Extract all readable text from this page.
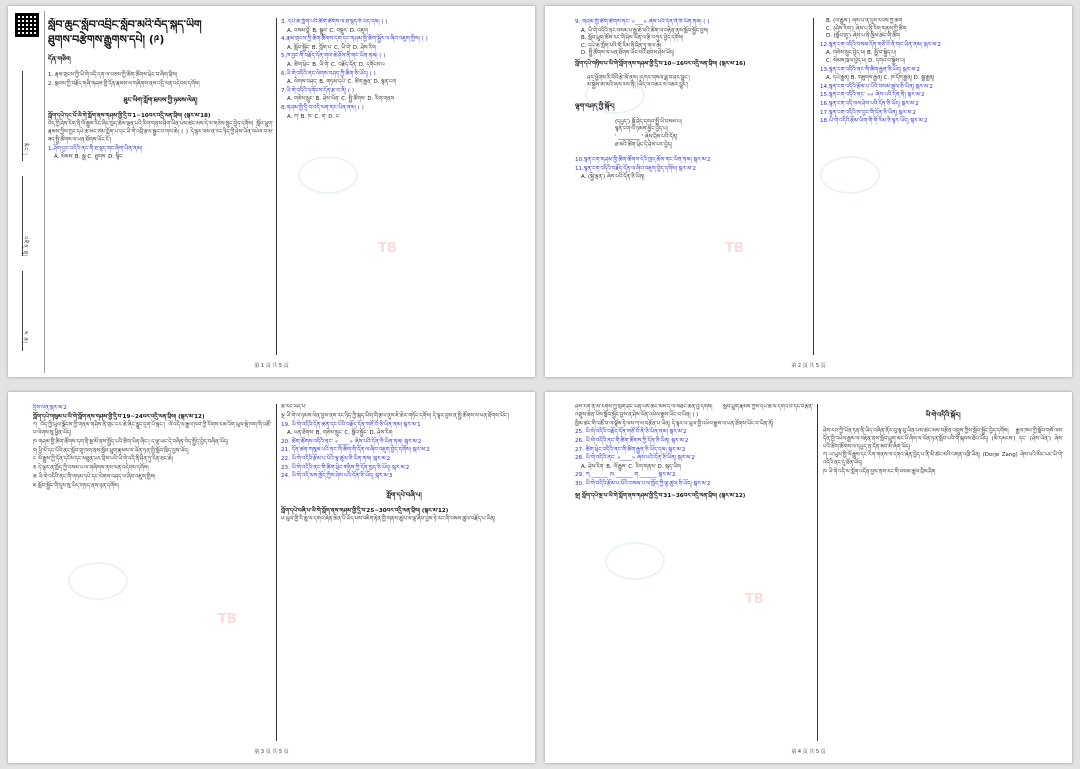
མིང་།
འཛིན་གྲྭ།
ས་ཆ།
སློབ་ཆུང་སློབ་འབྲིང་སློབ་མའི་བོད་སྐད་ཡིག
ཐུགས་བརྩེགས་རྒྱུགས་དཔེ། (༩)
དོན་གཅིག
1. རྣམ་གྲངས་ཀྱི་ཡི་གེ་འདི་དག་ལ་བཅས་ཀྱི་ཚིག་ཚོགས་ཕྲེང་བ་ཞིག་བྲིས།
2. སྐབས་ཀྱི་བརྗོད་གཞི་གཤམ་གྱི་དོན་རྣམས་ལ་གཞིགས་ནས་འདྲི་ལན་འདེབས་དགོས།
ཐུང་ཡིག་ཀློག་ཐབས་ཀྱི་ཉམས་ལེན།
ཀློག་དཔེ་དང་པོ་ཡི་གེ་ཀློག་ནས་གཤམ་གྱི་དྲི་བ་1~10བར་འདྲི་ལན་བྲིས། (སྐར་མ་18)
བོད་ཀྱི་ཤེས་རིག་ནི་ལོ་རྒྱུས་རིང་ཞིང་ཁྱད་ཆོས་ལྡན་པའི་རིག་གནས་ཤིག་ཡིན་པས་ཚང་མས་དེ་ལ་གཅེས་སྲུང་བྱེད་དགོས། སློབ་ཕྲུག་རྣམས་ཀྱིས་ཀྱང་དཔེ་ཆ་མང་ཙམ་ཀློག་པ་དང་ཡི་གེ་འབྲི་རྩལ་སྦྱང་བ་གལ་ཆེ། ( ) དེ་ལྟར་ལས་ན་རང་ཉིད་ཀྱི་ཤེས་ཡོན་འཕེལ་བ་མ་ཟད་སྤྱི་ཚོགས་ལ་ཕན་ཐོགས་ཡོང་ངོ་།
1.ཤོག་བྱང་འདིའི་ནང་གི་ཐ་སྙད་གང་ཞིག་ཡིན་ནམ།
A. སེམས་ B. སྒྲ C. ཐུགས་ D. སྙིང་
3. དཔེ་ཆ་ཀློག་པའི་ཚིག་ཚོགས་ལ་ཐ་སྙད་ཅི་ཡོད་དམ། ( )
A. བསམ་བློ་ B. སྒྲུབ་ C. བསྡུར་ D. འཇུག
4.རྣམ་གྲངས་ཀྱི་ཚིག་ཚོགས་དག་དང་གཤམ་གྱི་ཚིག་སྦྱོར་ལ་ཞིབ་འཇུག་གྱིས། ( )
A. སློབ་སྦྱོང་ B. ཀློག་པ་ C. ཡི་གེ་ D. ཤེས་རིག
5.ཁ་བྱང་གི་བརྗོད་དོན་གལ་ཆེ་ཤོས་ནི་གང་ཡིན་ནམ། ( )
A. ཚིག་ཕྲེང་ B. ཡི་གེ་ C. བརྗོད་དོན་ D. དགོངས་པ
6.ཡི་གེ་འདིའི་ནང་ལེགས་བཤད་ཀྱི་ཚིག་ཅི་ཡོད། ( )
A. ལེགས་བཤད་ B. གཏམ་དཔེ་ C. ཚིག་རྒྱན་ D. སྙན་ངག
7.ཡི་གེ་འདིའི་དགོངས་དོན་རྩ་བ་ནི། ( )
A. གཅེས་སྲུང་ B. ཤེས་ཡོན་ C. སྤྱི་ཚོགས་ D. རིག་གནས
8.གཤམ་གྱི་དྲི་བ་འདི་ལན་གང་ཡིན་ནམ། ( )
A. ཀ་ B. ཁ་ C. ག་ D. ང་
TB
第 1 页 共 5 页
9. གཤམ་གྱི་ཚིག་ཚོགས་ནང་ «___» ཞེས་པའི་དོན་ནི་ཅི་ཡིན་ནམ། ( )
A. ཡི་གེ་འདིའི་ནང་བསམ་པ་རྒྱ་ཆེ་བའི་ཚིག་ལ་བརྟེན་ནས་སློབ་སྦྱོང་བྱས།
B. སློབ་ཕྲུག་ཚོས་རང་གི་ཤེས་ཡོན་ལ་རྩི་བཀུར་བྱེད་དགོས།
C. དཔེ་ཆ་ཀློག་པའི་གོ་རིམ་ནི་ཤིན་ཏུ་གལ་ཆེ།
D. སྤྱི་ཚོགས་ལ་ཕན་ཐོགས་ཡོང་བའི་ཐབས་ཤེས་ཡོད།
ཀློག་དཔེ་གཉིས་པ་ཡི་གེ་ཀློག་ནས་གཤམ་གྱི་དྲི་བ་10~16བར་འདྲི་ལན་བྲིས། (སྐར་མ་16)
ཤར་ཕྱོགས་རི་བོའི་རྩེ་མོ་ནས། །དཀར་གསལ་ཟླ་བ་ཤར་བྱུང་།
མ་སྐྱེས་ཨ་མའི་ཞལ་རས་ནི། །ཡིད་ལ་འཆར་ལ་འཆར་བྱུང་།
ལྷག་བཤད་ཀྱི་སྐོར།
(དཔྱད་) སྐྱོ་ཤེད་དགའ་སྤྲོ་ཡི་བསམ་པ།
སྙན་ངག་ལ་ཉམས་མྱོང་བྱེད་པ།
' ________ ' ཞེས་བྲིས་པའི་དོན།
ཐ་མའི་ཚིག་ཕྲེང་དེ་ཤེས་པར་བྱེད།
10.སྙན་ངག་གཤམ་གྱི་ཚིག་ཚོགས་དེའི་ཁྱད་ཆོས་གང་ཡིན་ནམ། སྐར་མ་2
11.སྙན་ངག་འདིའི་བརྗོད་དོན་ལ་ཞིབ་འཇུག་བྱེད་དགོས། སྐར་མ་2
A. (སྐྱེ་ལྡན་) ཞེས་པའི་དོན་ཅི་ཡིན།
B. (ལོ་རྒྱུས་) ཞེས་པ་ནི་དུས་རབས་ཀྱི་ཚིག
C. (ཤེས་རིག་) ཞེས་པ་ནི་རིག་གནས་ཀྱི་ཚིག
D. (སློབ་གྲྭ་) ཞེས་པ་ནི་ཁྱིམ་ཚང་གི་ཚིག
12.སྙན་ངག་འདིའི་བསམ་དོན་གཙོ་བོ་ནི་གང་ཡིན་ནམ། སྐར་མ་2
A. གཅེས་སྲུང་བྱེད་པ། B. སྤྲོ་བ་སྐྱེད་པ།
C. སེམས་ཁྲལ་བྱེད་པ། D. དགའ་བ་སྐྱེས་པ།
13.སྙན་ངག་འདིའི་ནང་གི་ཚིག་རྒྱན་ཅི་ཡོད། སྐར་མ་2
A. དཔེ་རྒྱན། B. གཟུགས་རྒྱན། C. ཁ་དོག་རྒྱན། D. སྒྲ་རྒྱན།
14.སྙན་ངག་འདིའི་རྩོམ་པ་པོའི་བསམ་ཚུལ་ཅི་ཡིན། སྐར་མ་2
15.སྙན་ངག་འདིའི་ནང་ «» ཞེས་པའི་དོན་ནི། སྐར་མ་2
16.སྙན་ངག་འདི་ལས་ཤེས་པའི་དོན་ཅི་ཡོད། སྐར་མ་2
17.སྙན་ངག་འདིའི་ཁ་བྱང་གི་དོན་ཅི་ཡིན། སྐར་མ་2
18.ཡི་གེ་འདིའི་རྩོམ་ཡིག་གི་གོ་རིམ་ཅི་ལྟར་ཡོད། སྐར་མ་2
TB
第 2 页 共 5 页
དྲིས་ལན་སྐར་མ་2
ཀློག་དཔེ་གསུམ་པ་ཡི་གེ་ཀློག་ནས་གཤམ་གྱི་དྲི་བ་19~24བར་འདྲི་ལན་བྲིས། (སྐར་མ་12)
ཀ བོད་ཀྱི་ཡུལ་ལྗོངས་ཀྱི་གནམ་གཤིས་ནི་གྲང་ངར་ཆེ་ཞིང་རླུང་དྲག་པོ་ལྡང་། ལོ་འདི་ལ་རྒྱལ་ཁབ་ཀྱི་རོགས་རམ་འོག་ཡུལ་སྡེ་ཁག་གི་འཚོ་བ་ལེགས་སུ་ཕྱིན་ཡོད།
ཁ གཤམ་གྱི་ཚིག་ཚོགས་དག་ནི་སྔ་མོ་ནས་སྤྱོད་པའི་ཚིག་ཡིན་ཞིང་། ད་ལྟ་ཡང་དེ་བཞིན་བེད་སྤྱོད་བྱེད་བཞིན་ཡོད།
ག ཕྱི་ལོ་དང་པོའི་ནང་སློབ་གྲྭ་ཁག་ནས་སློབ་ཕྲུག་རྣམས་ལ་ཡོན་ཏན་གྱི་སློབ་ཁྲིད་བྱས་ཡོད།
ང ལོ་རྒྱུས་ཀྱི་དོན་དངོས་དང་མཐུན་པར་བྲིས་པའི་ཡི་གེ་འདི་ནི་ཤིན་ཏུ་རིན་ཐང་ཆེ།
ཅ དེ་ལྟར་ན་ཁྱོད་ཀྱི་བསམ་པ་ལ་གཞིགས་ནས་ལན་འདེབས་དགོས།
ཆ ཡི་གེ་འདིའི་ནང་གི་གཏམ་དཔེ་དང་ལེགས་བཤད་ལ་ཞིབ་འཇུག་གྱིས།
ཇ སློབ་སྦྱོང་གི་དུས་སུ་ཡིད་གཏད་ནས་ཉན་དགོས།
ཚེ་རིང་ཡོད་པ་
ལྔ ཡི་གེ་ལ་ཉམས་ལེན་བྱས་ནས་རང་ཉིད་ཀྱི་སྐད་ཡིག་གི་རྩལ་ནུས་ཇེ་ཆེར་གཏོང་དགོས། དེ་ལྟར་བྱས་ན་སྤྱི་ཚོགས་ལ་ཕན་ཐོགས་ཡོང་།
19. ཡི་གེ་འདིའི་དོན་ཚན་དང་པོའི་བརྗོད་དོན་གཙོ་བོ་ཅི་ཡིན་ནམ། སྐར་མ་1
A. ཕན་ཐོགས་ B. གཅེས་སྲུང་ C. སློབ་སྦྱོང་ D. ཤེས་རིག
20. ཚིག་ཚོགས་འདིའི་ནང་ «____» ཞེས་པའི་དོན་ཅི་ཡིན་ནམ། སྐར་མ་2
21. དོན་ཚན་གསུམ་པའི་ནང་གི་ཚིག་གི་དོན་ལ་ཞིབ་འཇུག་བྱེད་དགོས། སྐར་མ་2
22. ཡི་གེ་འདིའི་རྩོམ་པ་པོའི་ལྟ་ཚུལ་ཅི་ཡིན་ནམ། སྐར་མ་2
23. ཡི་གེ་འདིའི་ནང་གི་ཚིག་ཕྲེང་གཉིས་ཀྱི་དོན་ཁྱད་ཅི་ཡོད། སྐར་མ་2
24. ཡི་གེ་འདི་ལས་ཁྱོད་ཀྱིས་ཤེས་པའི་དོན་ཅི་ཡོད། སྐར་མ་3
ཀློག་དཔེ་བཞི་པ།
ཀློག་དཔེ་བཞི་པ་ཡི་གེ་ཀློག་ནས་གཤམ་གྱི་དྲི་བ་25~30བར་འདྲི་ལན་བྲིས། (སྐར་མ་12)
ཕ་ཡུལ་གྱི་རི་ཆུ་ལ་དགའ་ཞེན་ཆེན་པོ་ཡོད་པས་འཇིག་རྟེན་གྱི་གནས་ཚུལ་ལ་ལྟ་ཞིབ་བྱས་ཏེ་རང་གི་བསམ་ཚུལ་བརྗོད་པ་ཡིན།
TB
第 3 页 共 5 页
ཤེས་རིག་ནི་མི་རིགས་ཀྱི་སྲོག་ཤིང་ཡིན་པས་ཚང་མས་དེ་ལ་མཐོང་ཆེན་བྱ་དགོས། སློབ་ཕྲུག་རྣམས་ཀྱིས་དཔེ་ཆ་ལ་དགའ་བ་དང་བརྩོན་འགྲུས་ཆེན་པོས་སློབ་སྦྱོང་བྱས་ན་ཤེས་ཡོན་འཕེལ་རྒྱས་ཡོང་བ་ཡིན། ( )
ཁྱིམ་ཚང་གི་འཚོ་བ་ལ་ལྟོས་ཏེ་ལས་ཀ་ལ་བརྩོན་པ་ཡིན། དེ་ལྟར་ཕ་ཡུལ་གྱི་འཕེལ་རྒྱས་ལ་ཕན་ཐོགས་ཡོང་བ་ཡིན་ནོ།
25. ཡི་གེ་འདིའི་བརྗོད་དོན་གཙོ་བོ་ནི་ཅི་ཡིན་ནམ། སྐར་མ་2
26. ཡི་གེ་འདིའི་ནང་གི་ཚིག་ཚོགས་ཀྱི་དོན་ཅི་ཡིན། སྐར་མ་2
27. ཚིག་ཕྲེང་འདིའི་ནང་གི་ཚིག་རྒྱན་ཅི་ཡོད་དམ། སྐར་མ་2
28. ཡི་གེ་འདིའི་ནང་ «____» ཞེས་པའི་དོན་ཅི་ཡིན། སྐར་མ་2
A. ཤེས་རིག་ B. ལོ་རྒྱུས་ C. རིག་གནས་ D. སྐད་ཡིག
29. ཀ.______ ཁ.______ ག.______ སྐར་མ་2
30. ཡི་གེ་འདིའི་རྩོམ་པ་པོའི་བསམ་པ་ལ་ཁྱོད་ཀྱི་ལྟ་ཚུལ་ཅི་ཡོད། སྐར་མ་2
ལྔ། ཀློག་དཔེ་ལྔ་པ་ཡི་གེ་ཀློག་ནས་གཤམ་གྱི་དྲི་བ་31~36བར་འདྲི་ལན་བྲིས། (སྐར་མ་12)
ཡི་གེ་འདིའི་སྐོར།
ཤེས་རབ་ཀྱི་ཡོན་ཏན་ནི་ཡིད་བཞིན་ནོར་བུ་ལྟ་བུ་ཡིན་པས་ཚང་མས་བརྩོན་འགྲུས་ཀྱིས་སློབ་སྦྱོང་བྱེད་དགོས། རྒྱལ་ཁབ་ཀྱི་སློབ་གསོ་ལས་དོན་གྱི་འཕེལ་རྒྱས་ལ་བརྟེན་ནས་སློབ་ཕྲུག་མང་པོ་ཞིག་ལ་ཡོན་ཏན་སློབ་པའི་གོ་སྐབས་ཐོབ་ཡོད། (མི་དམངས་) དང་ (ཤེས་ཡོན་) ཞེས་པའི་ཚིག་ཚོགས་ལ་དཔྱད་ན་དོན་ཟབ་མོ་ཞིག་ཡོད།
ཀ ཕ་ཡུལ་གྱི་ལོ་རྒྱུས་དང་རིག་གནས་ལ་དགའ་ཞེན་བྱེད་པ་ནི་མི་ཚང་མའི་འགན་འཁྲི་ཡིན། (Dorje Zang) ཞེས་པའི་མིང་ཡང་ཡི་གེ་འདིའི་ནང་དུ་ཐོན་ཡོད།
ཁ ཡི་གེ་འདི་ལ་ཀློག་འདོན་བྱས་ནས་རང་གི་བསམ་ཚུལ་བྲིས་ཤིག
TB
第 4 页 共 5 页
